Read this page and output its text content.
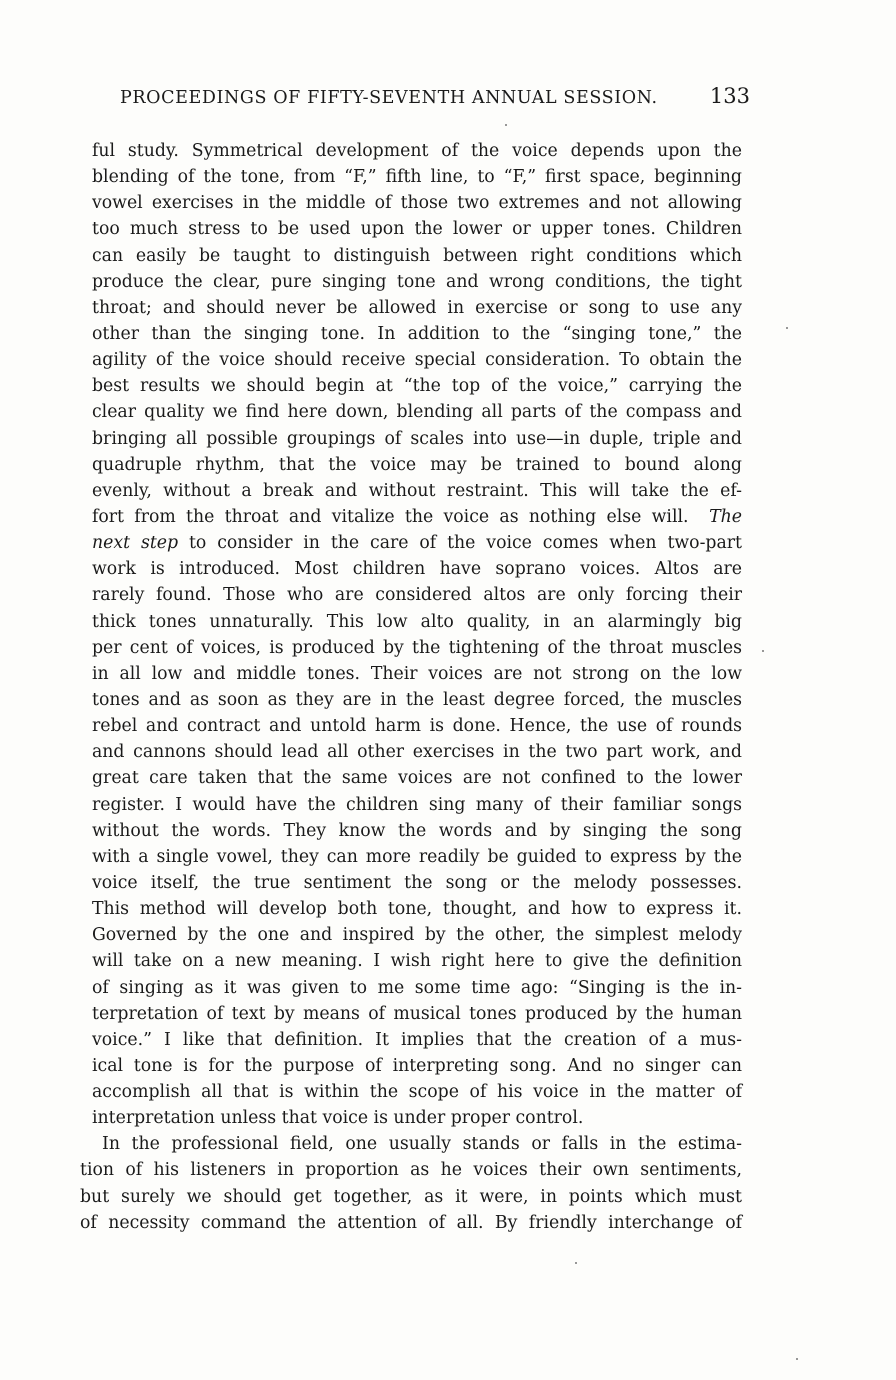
PROCEEDINGS OF FIFTY-SEVENTH ANNUAL SESSION. 133
ful study. Symmetrical development of the voice depends upon the
blending of the tone, from “F,” fifth line, to “F,” first space, beginning
vowel exercises in the middle of those two extremes and not allowing
too much stress to be used upon the lower or upper tones. Children
can easily be taught to distinguish between right conditions which
produce the clear, pure singing tone and wrong conditions, the tight
throat; and should never be allowed in exercise or song to use any
other than the singing tone. In addition to the “singing tone,” the
agility of the voice should receive special consideration. To obtain the
best results we should begin at “the top of the voice,” carrying the
clear quality we find here down, blending all parts of the compass and
bringing all possible groupings of scales into use—in duple, triple and
quadruple rhythm, that the voice may be trained to bound along
evenly, without a break and without restraint. This will take the ef-
fort from the throat and vitalize the voice as nothing else will. The
next step to consider in the care of the voice comes when two-part
work is introduced. Most children have soprano voices. Altos are
rarely found. Those who are considered altos are only forcing their
thick tones unnaturally. This low alto quality, in an alarmingly big
per cent of voices, is produced by the tightening of the throat muscles
in all low and middle tones. Their voices are not strong on the low
tones and as soon as they are in the least degree forced, the muscles
rebel and contract and untold harm is done. Hence, the use of rounds
and cannons should lead all other exercises in the two part work, and
great care taken that the same voices are not confined to the lower
register. I would have the children sing many of their familiar songs
without the words. They know the words and by singing the song
with a single vowel, they can more readily be guided to express by the
voice itself, the true sentiment the song or the melody possesses.
This method will develop both tone, thought, and how to express it.
Governed by the one and inspired by the other, the simplest melody
will take on a new meaning. I wish right here to give the definition
of singing as it was given to me some time ago: “Singing is the in-
terpretation of text by means of musical tones produced by the human
voice.” I like that definition. It implies that the creation of a mus-
ical tone is for the purpose of interpreting song. And no singer can
accomplish all that is within the scope of his voice in the matter of
interpretation unless that voice is under proper control.
In the professional field, one usually stands or falls in the estima-
tion of his listeners in proportion as he voices their own sentiments,
but surely we should get together, as it were, in points which must
of necessity command the attention of all. By friendly interchange of
